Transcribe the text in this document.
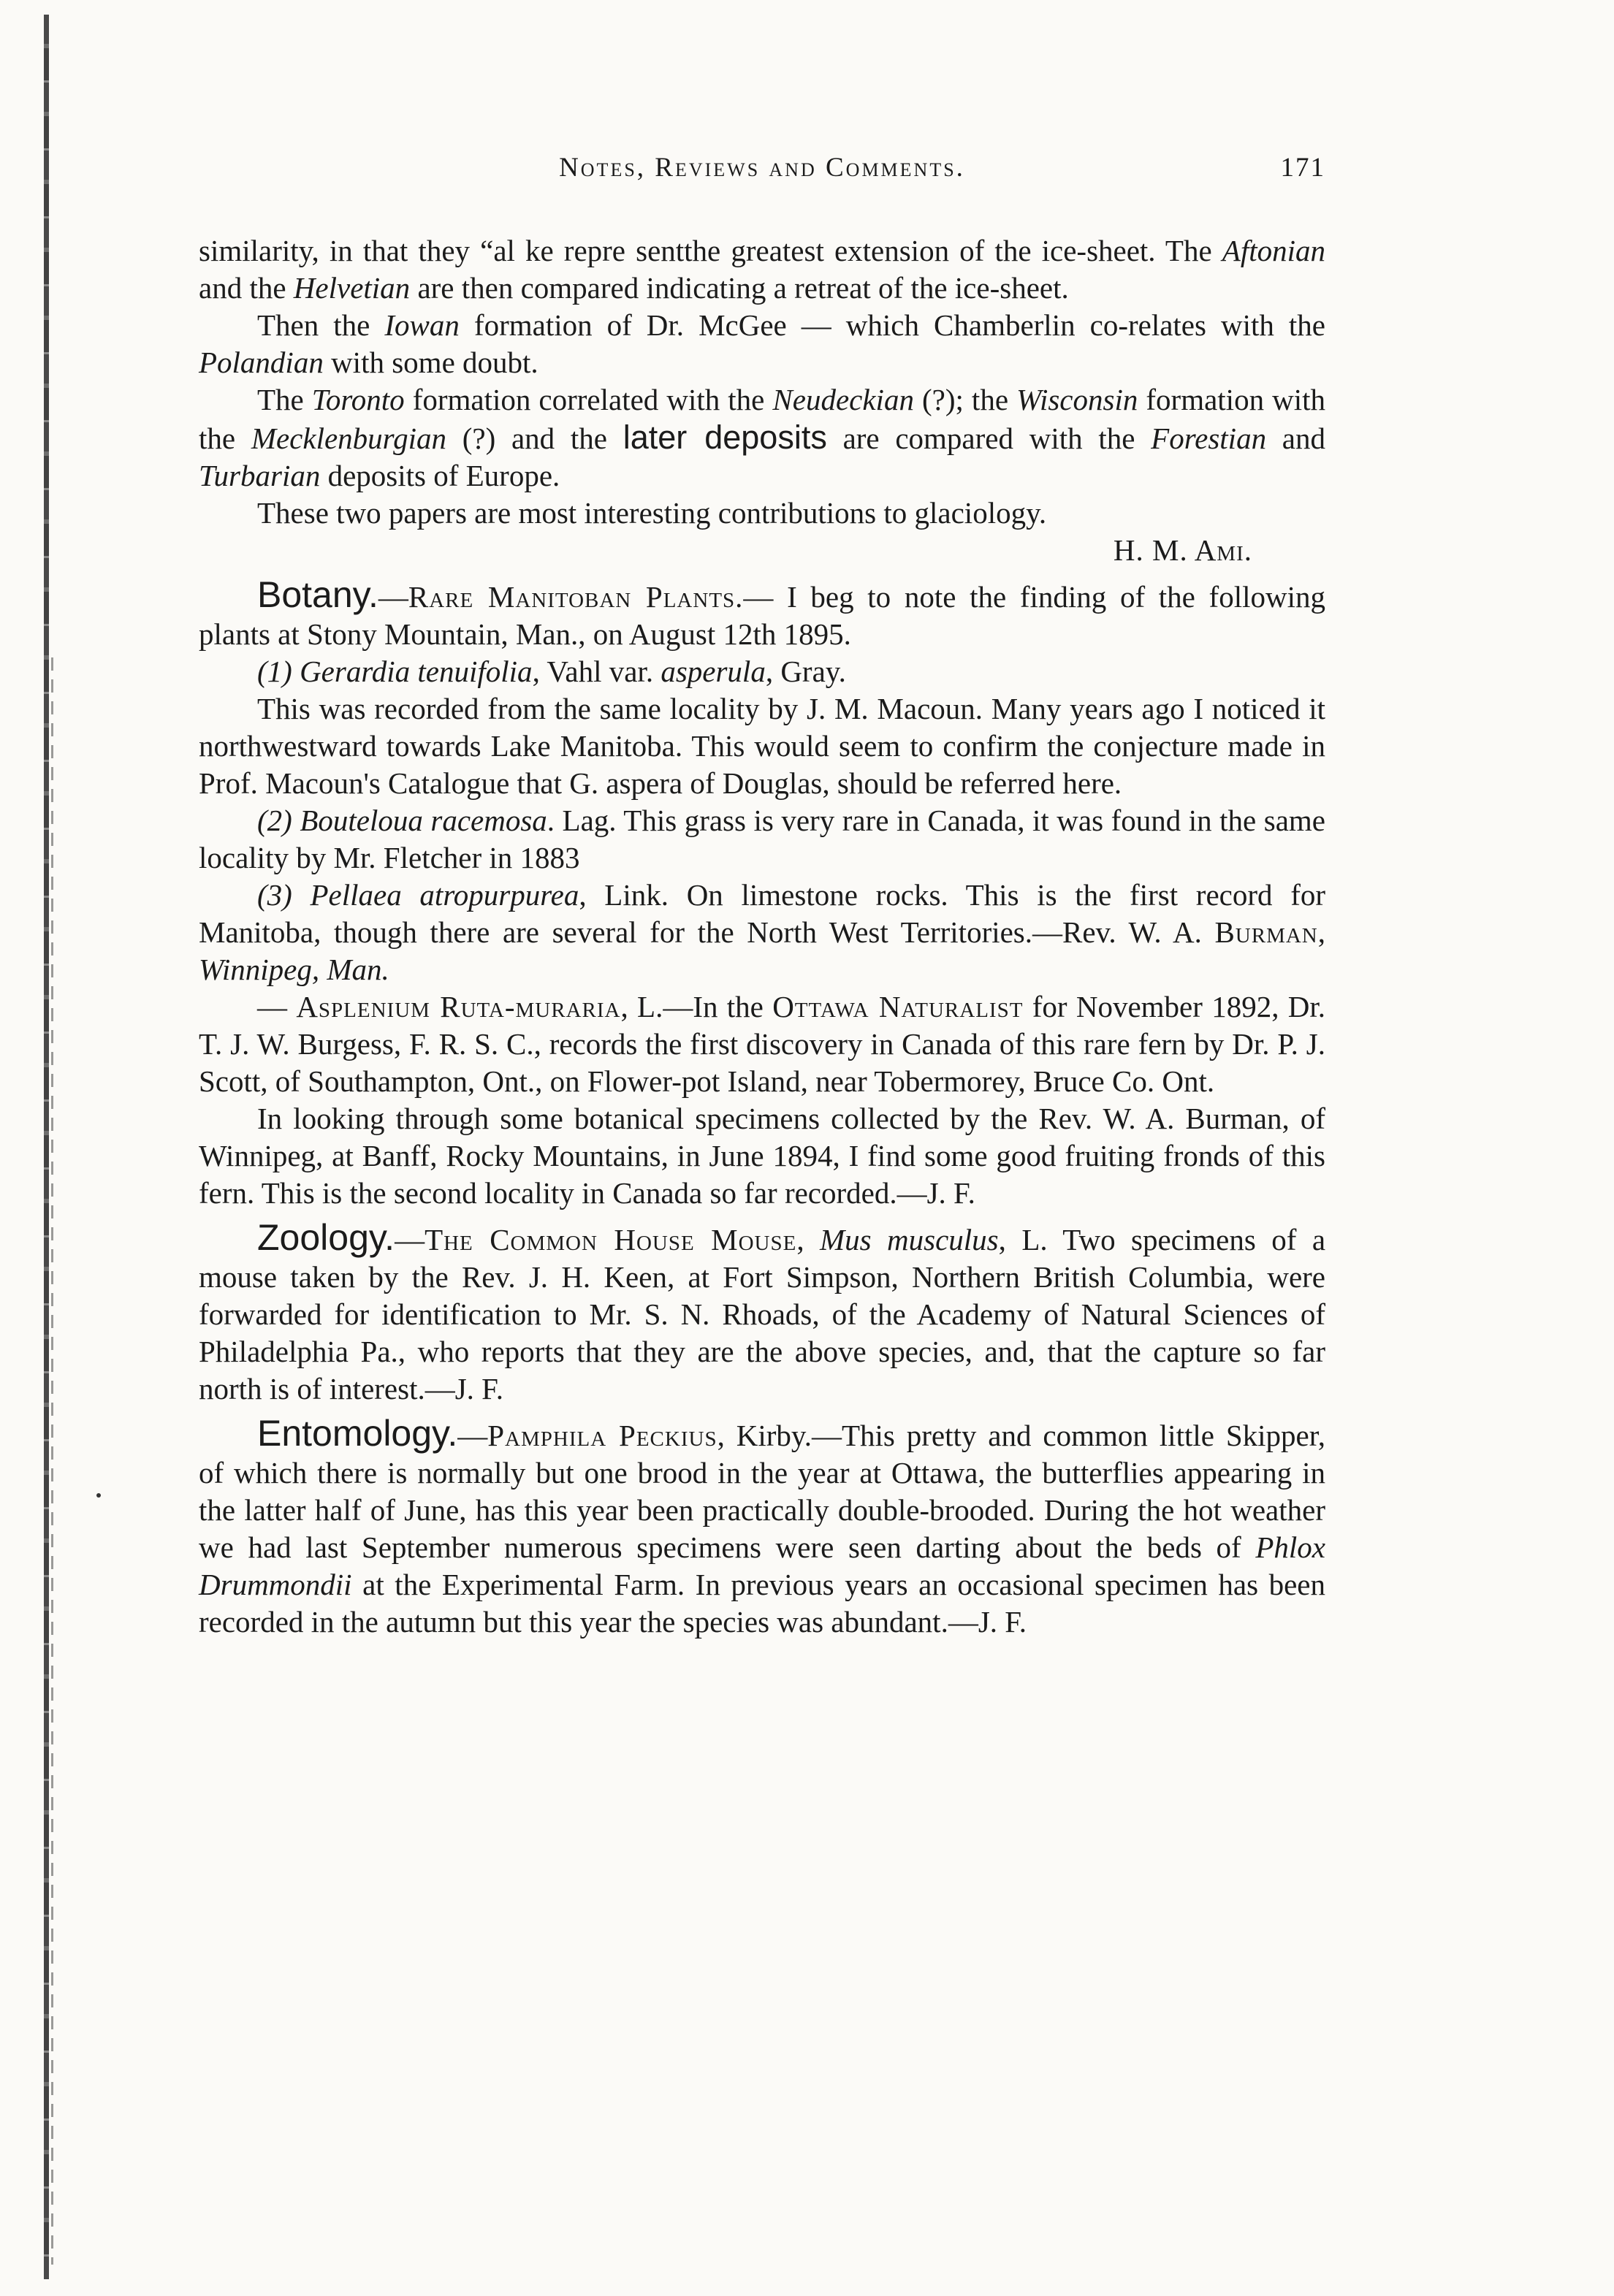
Notes, Reviews and Comments.	171

similarity, in that they “al ke repre sentthe greatest extension of the ice-sheet. The Aftonian and the Helvetian are then compared indicating a retreat of the ice-sheet.

Then the Iowan formation of Dr. McGee — which Chamberlin co-relates with the Polandian with some doubt.

The Toronto formation correlated with the Neudeckian (?); the Wisconsin formation with the Mecklenburgian (?) and the later deposits are compared with the Forestian and Turbarian deposits of Europe.

These two papers are most interesting contributions to glaciology.

H. M. Ami.

Botany.—Rare Manitoban Plants.— I beg to note the finding of the following plants at Stony Mountain, Man., on August 12th 1895.

(1) Gerardia tenuifolia, Vahl var. asperula, Gray.

This was recorded from the same locality by J. M. Macoun. Many years ago I noticed it northwestward towards Lake Manitoba. This would seem to confirm the conjecture made in Prof. Macoun's Catalogue that G. aspera of Douglas, should be referred here.

(2) Bouteloua racemosa. Lag. This grass is very rare in Canada, it was found in the same locality by Mr. Fletcher in 1883

(3) Pellaea atropurpurea, Link. On limestone rocks. This is the first record for Manitoba, though there are several for the North West Territories.—Rev. W. A. Burman, Winnipeg, Man.

— Asplenium Ruta-muraria, L.—In the Ottawa Naturalist for November 1892, Dr. T. J. W. Burgess, F. R. S. C., records the first discovery in Canada of this rare fern by Dr. P. J. Scott, of Southampton, Ont., on Flower-pot Island, near Tobermorey, Bruce Co. Ont.

In looking through some botanical specimens collected by the Rev. W. A. Burman, of Winnipeg, at Banff, Rocky Mountains, in June 1894, I find some good fruiting fronds of this fern. This is the second locality in Canada so far recorded.—J. F.

Zoology.—The Common House Mouse, Mus musculus, L. Two specimens of a mouse taken by the Rev. J. H. Keen, at Fort Simpson, Northern British Columbia, were forwarded for identification to Mr. S. N. Rhoads, of the Academy of Natural Sciences of Philadelphia Pa., who reports that they are the above species, and, that the capture so far north is of interest.—J. F.

Entomology.—Pamphila Peckius, Kirby.—This pretty and common little Skipper, of which there is normally but one brood in the year at Ottawa, the butterflies appearing in the latter half of June, has this year been practically double-brooded. During the hot weather we had last September numerous specimens were seen darting about the beds of Phlox Drummondii at the Experimental Farm. In previous years an occasional specimen has been recorded in the autumn but this year the species was abundant.—J. F.
